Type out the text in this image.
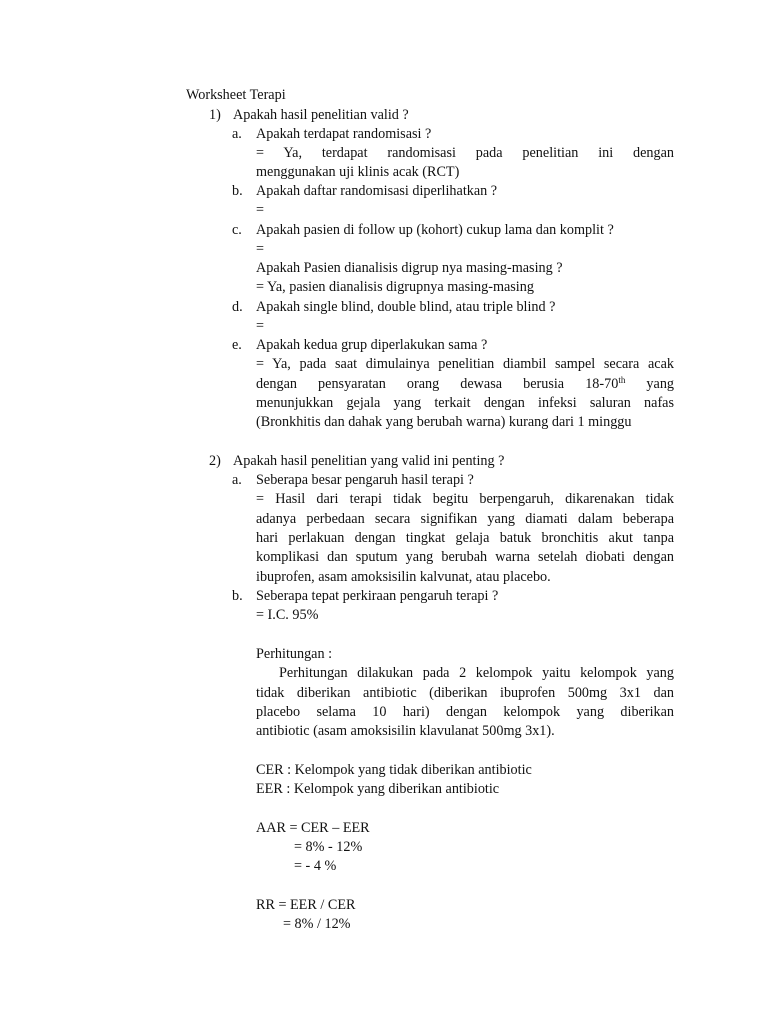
Worksheet Terapi
1) Apakah hasil penelitian valid ?
a. Apakah terdapat randomisasi ?
= Ya, terdapat randomisasi pada penelitian ini dengan
menggunakan uji klinis acak (RCT)
b. Apakah daftar randomisasi diperlihatkan ?
=
c. Apakah pasien di follow up (kohort) cukup lama dan komplit ?
=
Apakah Pasien dianalisis digrup nya masing-masing ?
= Ya, pasien dianalisis digrupnya masing-masing
d. Apakah single blind, double blind, atau triple blind ?
=
e. Apakah kedua grup diperlakukan sama ?
= Ya, pada saat dimulainya penelitian diambil sampel secara acak
dengan pensyaratan orang dewasa berusia 18-70th yang
menunjukkan gejala yang terkait dengan infeksi saluran nafas
(Bronkhitis dan dahak yang berubah warna) kurang dari 1 minggu
2) Apakah hasil penelitian yang valid ini penting ?
a. Seberapa besar pengaruh hasil terapi ?
= Hasil dari terapi tidak begitu berpengaruh, dikarenakan tidak
adanya perbedaan secara signifikan yang diamati dalam beberapa
hari perlakuan dengan tingkat gelaja batuk bronchitis akut tanpa
komplikasi dan sputum yang berubah warna setelah diobati dengan
ibuprofen, asam amoksisilin kalvunat, atau placebo.
b. Seberapa tepat perkiraan pengaruh terapi ?
= I.C. 95%
Perhitungan :
Perhitungan dilakukan pada 2 kelompok yaitu kelompok yang
tidak diberikan antibiotic (diberikan ibuprofen 500mg 3x1 dan
placebo selama 10 hari) dengan kelompok yang diberikan
antibiotic (asam amoksisilin klavulanat 500mg 3x1).
CER : Kelompok yang tidak diberikan antibiotic
EER : Kelompok yang diberikan antibiotic
AAR = CER – EER
= 8% - 12%
= - 4 %
RR = EER / CER
= 8% / 12%
